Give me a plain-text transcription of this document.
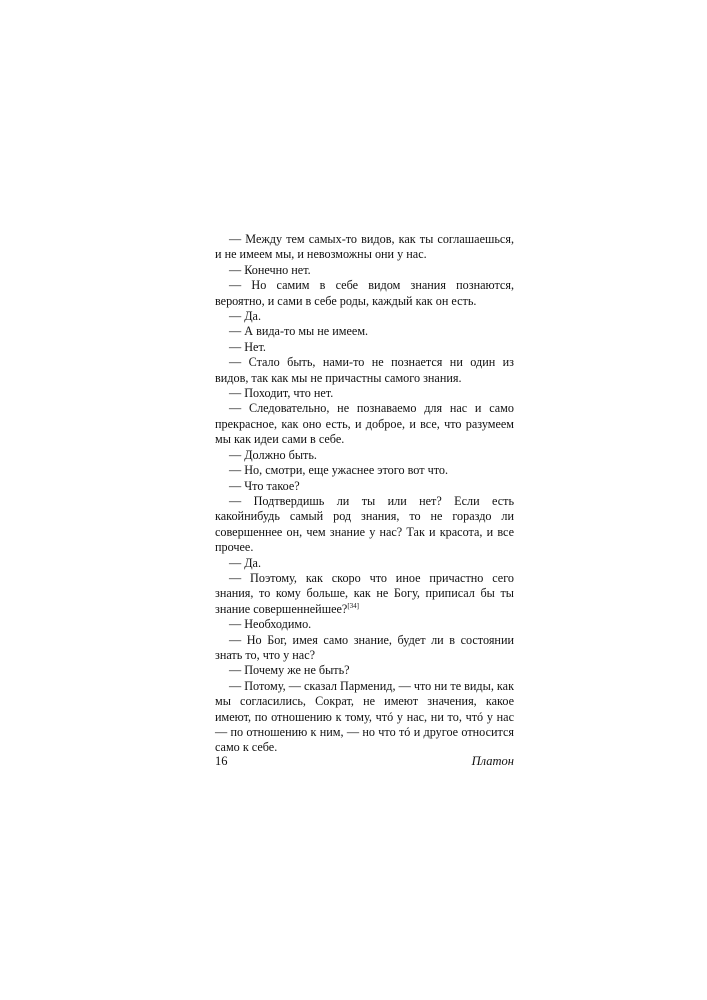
— Между тем самых-то видов, как ты соглашаешься, и не имеем мы, и невозможны они у нас.

— Конечно нет.

— Но самим в себе видом знания познаются, вероятно, и сами в себе роды, каждый как он есть.

— Да.

— А вида-то мы не имеем.

— Нет.

— Стало быть, нами-то не познается ни один из видов, так как мы не причастны самого знания.

— Походит, что нет.

— Следовательно, не познаваемо для нас и само прекрасное, как оно есть, и доброе, и все, что разумеем мы как идеи сами в себе.

— Должно быть.

— Но, смотри, еще ужаснее этого вот что.

— Что такое?

— Подтвердишь ли ты или нет? Если есть какойнибудь самый род знания, то не гораздо ли совершеннее он, чем знание у нас? Так и красота, и все прочее.

— Да.

— Поэтому, как скоро что иное причастно сего знания, то кому больше, как не Богу, приписал бы ты знание совершеннейшее?[34]

— Необходимо.

— Но Бог, имея само знание, будет ли в состоянии знать то, что у нас?

— Почему же не быть?

— Потому, — сказал Парменид, — что ни те виды, как мы согласились, Сократ, не имеют значения, какое имеют, по отношению к тому, чтó у нас, ни то, чтó у нас — по отношению к ним, — но что тó и другое относится само к себе.

16	Платон
